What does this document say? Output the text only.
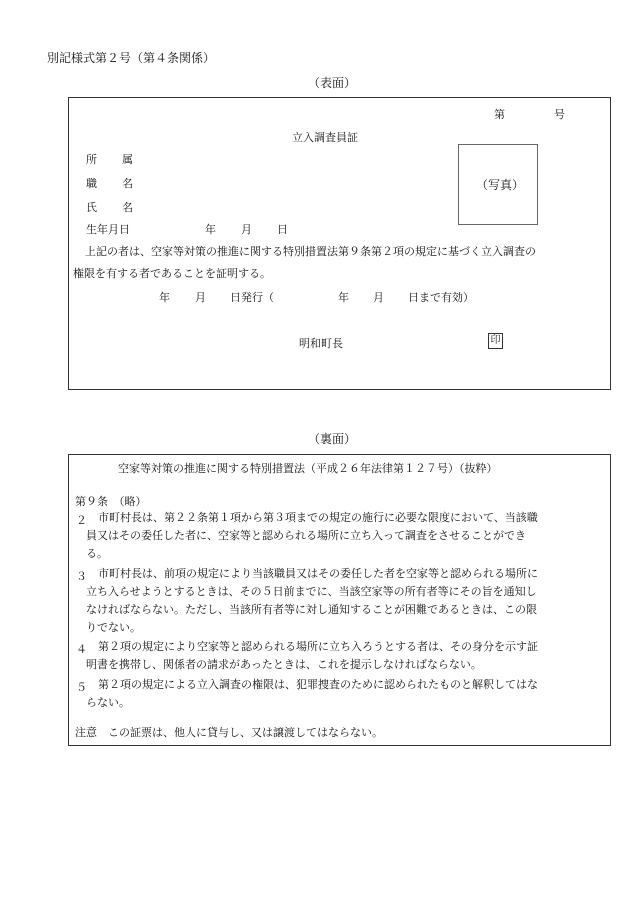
別記様式第２号（第４条関係）
（表面）
第	号
立入調査員証
所 属
職 名
氏 名
生年月日	年 月 日
（写真）
上記の者は、空家等対策の推進に関する特別措置法第９条第２項の規定に基づく立入調査の
権限を有する者であることを証明する。
年 月 日発行（	年 月 日まで有効）
明和町長	印
（裏面）
空家等対策の推進に関する特別措置法（平成２６年法律第１２７号）（抜粋）
第９条　（略）
２ 市町村長は、第２２条第１項から第３項までの規定の施行に必要な限度において、当該職
員又はその委任した者に、空家等と認められる場所に立ち入って調査をさせることができ
る。
３ 市町村長は、前項の規定により当該職員又はその委任した者を空家等と認められる場所に
立ち入らせようとするときは、その５日前までに、当該空家等の所有者等にその旨を通知し
なければならない。ただし、当該所有者等に対し通知することが困難であるときは、この限
りでない。
４ 第２項の規定により空家等と認められる場所に立ち入ろうとする者は、その身分を示す証
明書を携帯し、関係者の請求があったときは、これを提示しなければならない。
５ 第２項の規定による立入調査の権限は、犯罪捜査のために認められたものと解釈してはな
らない。
注意　この証票は、他人に貸与し、又は譲渡してはならない。
